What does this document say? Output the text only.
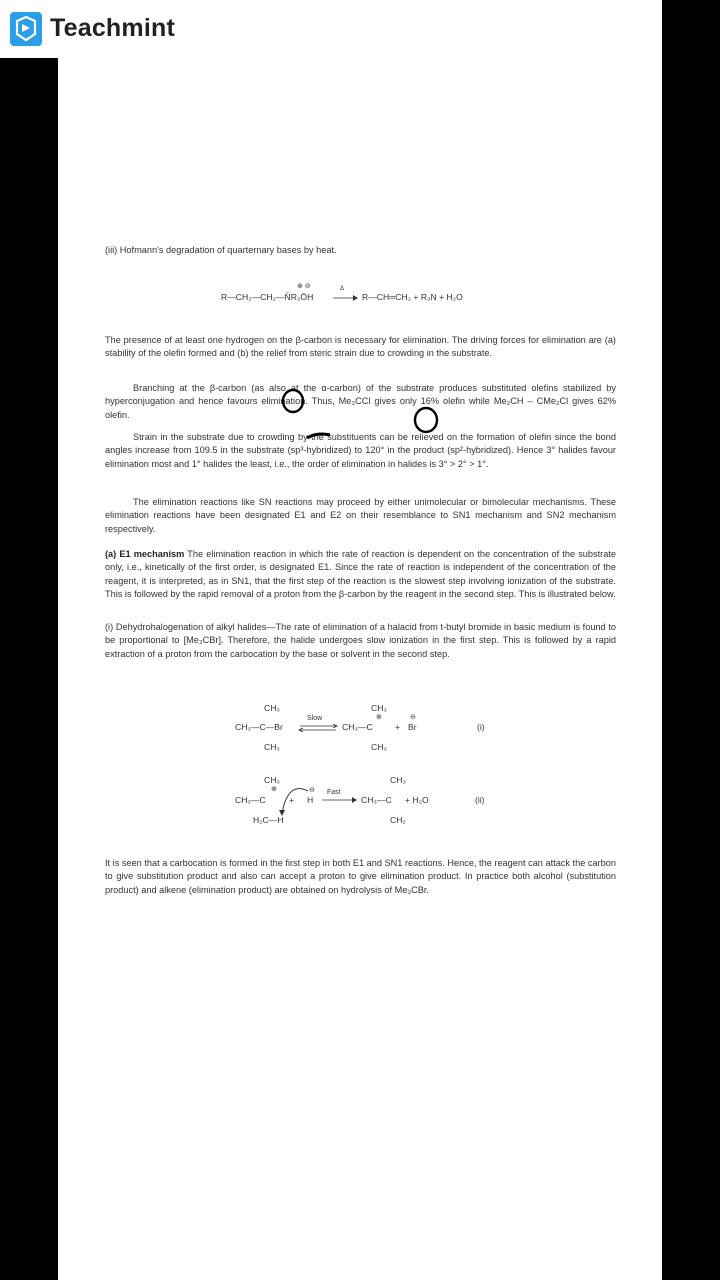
Teachmint
(iii) Hofmann's degradation of quarternary bases by heat.
R—CH₂—CH₂—N̊R₃ŌH
⊕ ⊖	Δ
→ R—CH═CH₂ + R₃N + H₂O
The presence of at least one hydrogen on the β-carbon is necessary for elimination. The driving forces for elimination are (a) stability of the olefin formed and (b) the relief from steric strain due to crowding in the substrate.
Branching at the β-carbon (as also at the α-carbon) of the substrate produces substituted olefins stabilized by hyperconjugation and hence favours elimination. Thus, Me₃CCl gives only 16% olefin while Me₂CH – CMe₂Cl gives 62% olefin.
Strain in the substrate due to crowding by the substituents can be relieved on the formation of olefin since the bond angles increase from 109.5 in the substrate (sp³-hybridized) to 120° in the product (sp²-hybridized). Hence 3° halides favour elimination most and 1° halides the least, i.e., the order of elimination in halides is 3° > 2° > 1°.
The elimination reactions like SN reactions may proceed by either unimolecular or bimolecular mechanisms. These elimination reactions have been designated E1 and E2 on their resemblance to SN1 mechanism and SN2 mechanism respectively.
(a) E1 mechanism The elimination reaction in which the rate of reaction is dependent on the concentration of the substrate only, i.e., kinetically of the first order, is designated E1. Since the rate of reaction is independent of the concentration of the reagent, it is interpreted, as in SN1, that the first step of the reaction is the slowest step involving ionization of the substrate. This is followed by the rapid removal of a proton from the β-carbon by the reagent in the second step. This is illustrated below.
(i) Dehydrohalogenation of alkyl halides—The rate of elimination of a halacid from t-butyl bromide in basic medium is found to be proportional to [Me₃CBr]. Therefore, the halide undergoes slow ionization in the first step. This is followed by a rapid extraction of a proton from the carbocation by the base or solvent in the second step.
CH₃
CH₃—C—Br
CH₃
Slow
CH₃
⊕
CH₃—C
CH₃
+
⊖
Br	(i)
CH₃
⊕
CH₃—C
H₂C—H
+
⊖
H
Fast
CH₃
CH₃—C
CH₂
+ H₂O	(ii)
It is seen that a carbocation is formed in the first step in both E1 and SN1 reactions. Hence, the reagent can attack the carbon to give substitution product and also can accept a proton to give elimination product. In practice both alcohol (substitution product) and alkene (elimination product) are obtained on hydrolysis of Me₃CBr.
